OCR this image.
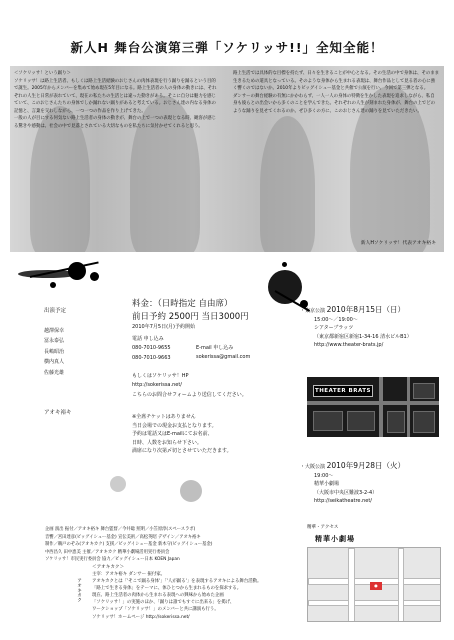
新人H 舞台公演第三弾「ソケリッサ!!」全知全能！
＜ソケリッサ！という踊り＞
ソケリッサ！は路上生活者、もしくは路上生活経験のおじさんの肉体表現を行う踊りを踊るという目的で誕生。2005年からメンバーを集めて始め現在5年目になる。路上生活者の人の身体の動きには、それぞれの人生と日常が表れていて、現在の私たちの生活とは違った動きがある。そこに自分は魅力を感じていて、このおじさんたちの身体でしか踊れない踊りがあると考えている。おじさん達の内なる身体の記憶と、言葉を交わしながら、一つ一つの作品を作り上げてきた。
一般の人が目にする何気ない路上生活者の身体の動きが、舞台の上で一つの表現となる時、観客が感じる驚きや感動は、社会の中で見落とされている大切なものを私たちに気付かせてくれると思う。
路上生活では具体的な目標を持たず、日々を生きることが中心となる。その生活の中で身体は、そのまま生きるための道具となっている。そのような身体から生まれる表現は、舞台作品として見る者の心に強く響くのではないか。2010年よりビッグイシュー基金と共催で公演を行い、今回で第三弾となる。
ダンサーの舞台経験の有無にかかわらず、一人一人の身体の特徴を生かした表現を追求しながら、私自身も彼らとの出会いから多くのことを学んできた。それぞれの人生が刻まれた身体が、舞台の上でどのような踊りを見せてくれるのか。ぜひ多くの方に、このおじさん達の踊りを見ていただきたい。
新人Hソケリッサ！代表アオキ裕キ
出演予定
越澤保幸
冨永泰弘
長嶋昭治
横内真人
佐藤光雄
アオキ裕キ
料金：（日時指定 自由席）
前日予約 2500円 当日3000円
2010年7月5日(月)予約開始
電話 申し込み
080-7010-9655
080-7010-9663
E-mail 申し込み
sokerissa@gmail.com
もしくはソケリッサ！HP
http://sokerissa.net/
こちらのお問合せフォームより送信してください。
※全席チケットはありません
当日会場での現金お支払となります。
予約は電話又はE-mailにてお名前、
日時、人数をお知らせ下さい。
満席になり次第〆切とさせていただきます。
・東京公演 2010年8月15日（日）
15:00〜／19:00〜
シアターブラッツ
（東京都新宿区新宿1-34-16 清水ビルB1）
http://www.theater-brats.jp/
THEATER BRATS
・大阪公演 2010年9月28日（火）
19:00〜
精華小劇場
（大阪市中央区難波3-2-4）
http://seikatheatre.net/
精華・アクセス
精華小劇場
●
企画 演出 振付／アオキ裕キ 舞台監督／今井聡 照明／小笠原淳(スペースラボ)
音響／宮田達彦(ビッグイシュー基金) 宣伝美術／高松英昭 デザイン／アオキ裕キ
制作／鵜戸のぞみ(アオキカク) 支援／ビッグイシュー基金 新木守(ビッグイシュー基金)
中西昌久 田中恵美 主催／アオキカク 精華小劇場活用実行委員会
ソケリッサ！市民実行委員会 協力／ビッグイシュー日本 KOEN Japan
アオキカク
＜アオキカク＞
主宰：アオキ裕キ ダンサー 振付家。
アオキカクとは「'そこで踊る身体'」「'人が踊る'」を表現するアオキによる舞台活動。
「路上で生きる身体」をテーマに、体ひとつから生まれるものを探求する。
現在、路上生活者の肉体から生まれる表現への興味から始めた企画
「ソケリッサ！」の実施のほか、「踊りは誰でもすぐに出来る」を掲げ、
ワークショップ「ソケリッサ！」のメンバーと共に講演も行う。
ソケリッサ！ホームページ http://sokerissa.net/
